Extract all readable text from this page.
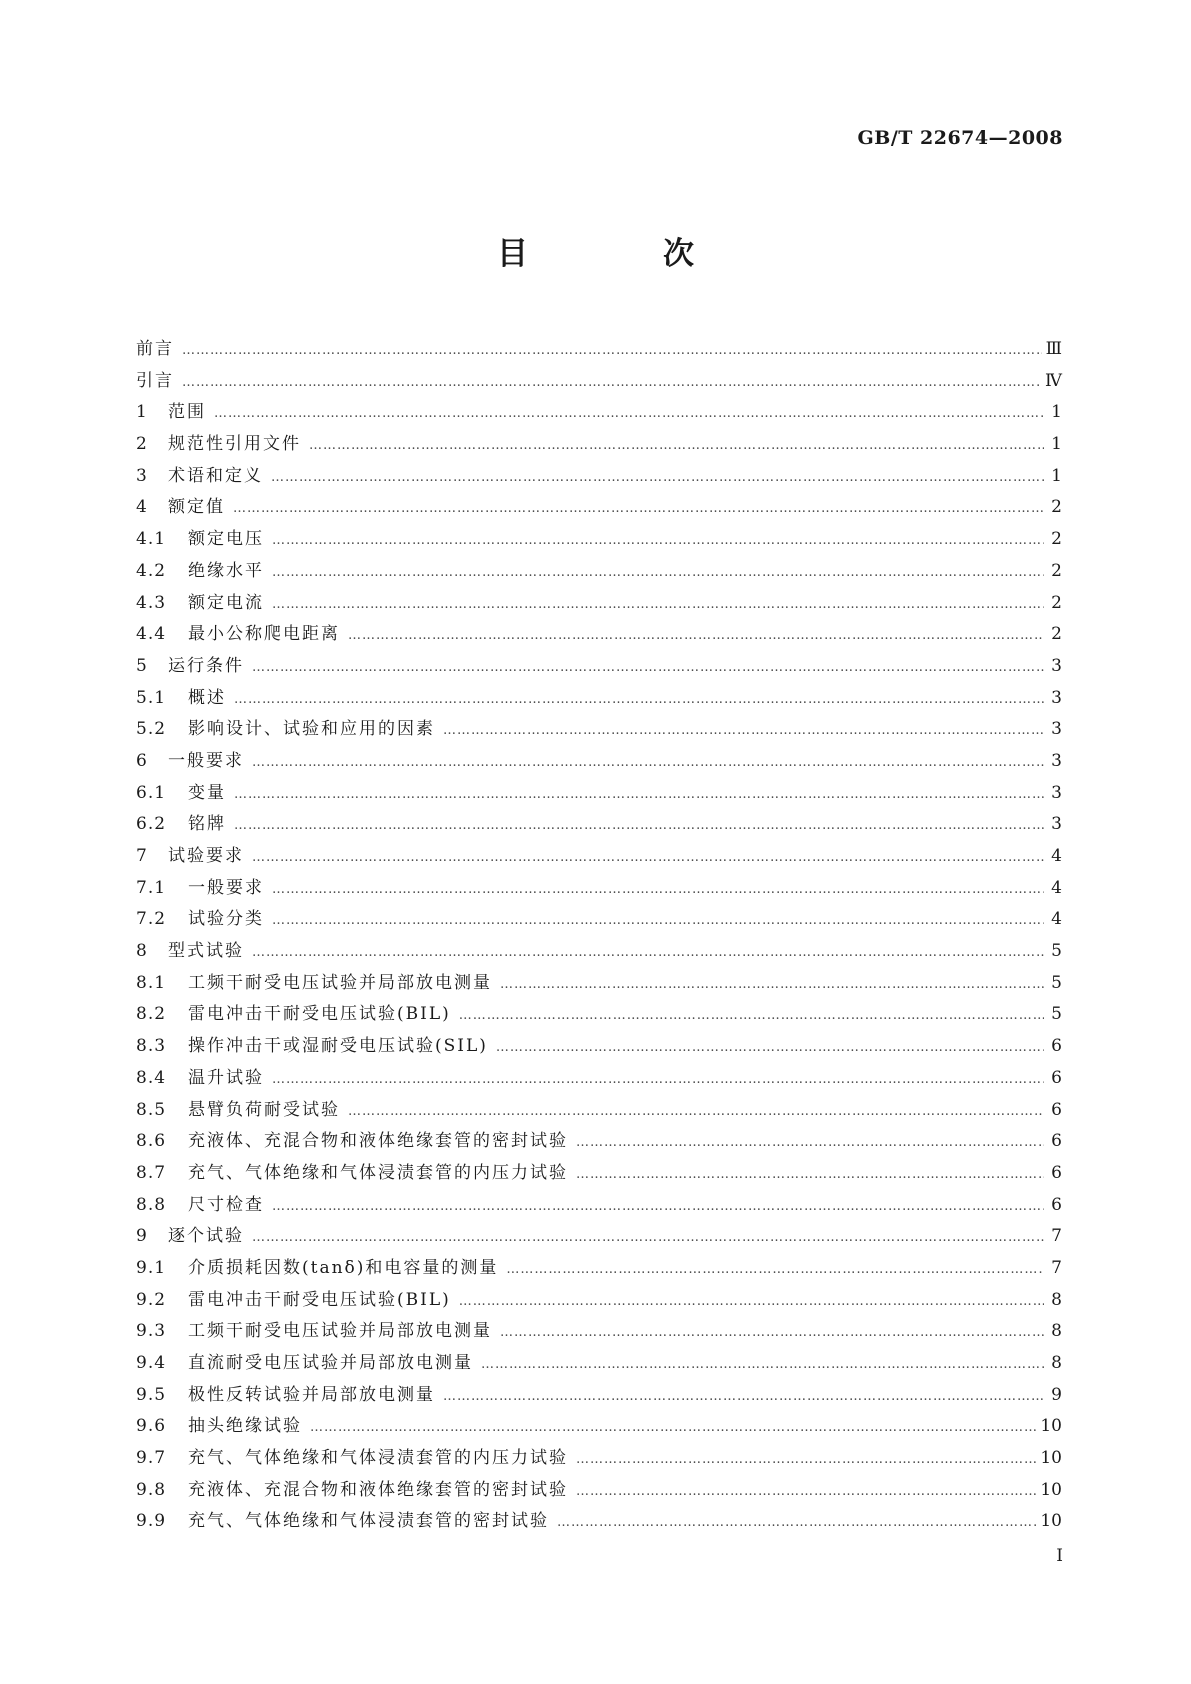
GB/T 22674—2008
目　次
前言 …………………………………………………………………………………………………………………………………………………………………………………………………………………………………………	Ⅲ
引言 …………………………………………………………………………………………………………………………………………………………………………………………………………………………………………	Ⅳ
1	范围 …………………………………………………………………………………………………………………………………………………………………………………………………………………………………………	1
2	规范性引用文件 …………………………………………………………………………………………………………………………………………………………………………………………………………………………………………	1
3	术语和定义 …………………………………………………………………………………………………………………………………………………………………………………………………………………………………………	1
4	额定值 …………………………………………………………………………………………………………………………………………………………………………………………………………………………………………	2
4.1	额定电压 …………………………………………………………………………………………………………………………………………………………………………………………………………………………………………	2
4.2	绝缘水平 …………………………………………………………………………………………………………………………………………………………………………………………………………………………………………	2
4.3	额定电流 …………………………………………………………………………………………………………………………………………………………………………………………………………………………………………	2
4.4	最小公称爬电距离 …………………………………………………………………………………………………………………………………………………………………………………………………………………………………………	2
5	运行条件 …………………………………………………………………………………………………………………………………………………………………………………………………………………………………………	3
5.1	概述 …………………………………………………………………………………………………………………………………………………………………………………………………………………………………………	3
5.2	影响设计、试验和应用的因素 …………………………………………………………………………………………………………………………………………………………………………………………………………………………………………	3
6	一般要求 …………………………………………………………………………………………………………………………………………………………………………………………………………………………………………	3
6.1	变量 …………………………………………………………………………………………………………………………………………………………………………………………………………………………………………	3
6.2	铭牌 …………………………………………………………………………………………………………………………………………………………………………………………………………………………………………	3
7	试验要求 …………………………………………………………………………………………………………………………………………………………………………………………………………………………………………	4
7.1	一般要求 …………………………………………………………………………………………………………………………………………………………………………………………………………………………………………	4
7.2	试验分类 …………………………………………………………………………………………………………………………………………………………………………………………………………………………………………	4
8	型式试验 …………………………………………………………………………………………………………………………………………………………………………………………………………………………………………	5
8.1	工频干耐受电压试验并局部放电测量 …………………………………………………………………………………………………………………………………………………………………………………………………………………………………………	5
8.2	雷电冲击干耐受电压试验(BIL) …………………………………………………………………………………………………………………………………………………………………………………………………………………………………………	5
8.3	操作冲击干或湿耐受电压试验(SIL) …………………………………………………………………………………………………………………………………………………………………………………………………………………………………………	6
8.4	温升试验 …………………………………………………………………………………………………………………………………………………………………………………………………………………………………………	6
8.5	悬臂负荷耐受试验 …………………………………………………………………………………………………………………………………………………………………………………………………………………………………………	6
8.6	充液体、充混合物和液体绝缘套管的密封试验 …………………………………………………………………………………………………………………………………………………………………………………………………………………………………………	6
8.7	充气、气体绝缘和气体浸渍套管的内压力试验 …………………………………………………………………………………………………………………………………………………………………………………………………………………………………………	6
8.8	尺寸检查 …………………………………………………………………………………………………………………………………………………………………………………………………………………………………………	6
9	逐个试验 …………………………………………………………………………………………………………………………………………………………………………………………………………………………………………	7
9.1	介质损耗因数(tanδ)和电容量的测量 …………………………………………………………………………………………………………………………………………………………………………………………………………………………………………	7
9.2	雷电冲击干耐受电压试验(BIL) …………………………………………………………………………………………………………………………………………………………………………………………………………………………………………	8
9.3	工频干耐受电压试验并局部放电测量 …………………………………………………………………………………………………………………………………………………………………………………………………………………………………………	8
9.4	直流耐受电压试验并局部放电测量 …………………………………………………………………………………………………………………………………………………………………………………………………………………………………………	8
9.5	极性反转试验并局部放电测量 …………………………………………………………………………………………………………………………………………………………………………………………………………………………………………	9
9.6	抽头绝缘试验 …………………………………………………………………………………………………………………………………………………………………………………………………………………………………………	10
9.7	充气、气体绝缘和气体浸渍套管的内压力试验 …………………………………………………………………………………………………………………………………………………………………………………………………………………………………………	10
9.8	充液体、充混合物和液体绝缘套管的密封试验 …………………………………………………………………………………………………………………………………………………………………………………………………………………………………………	10
9.9	充气、气体绝缘和气体浸渍套管的密封试验 …………………………………………………………………………………………………………………………………………………………………………………………………………………………………………	10
I
